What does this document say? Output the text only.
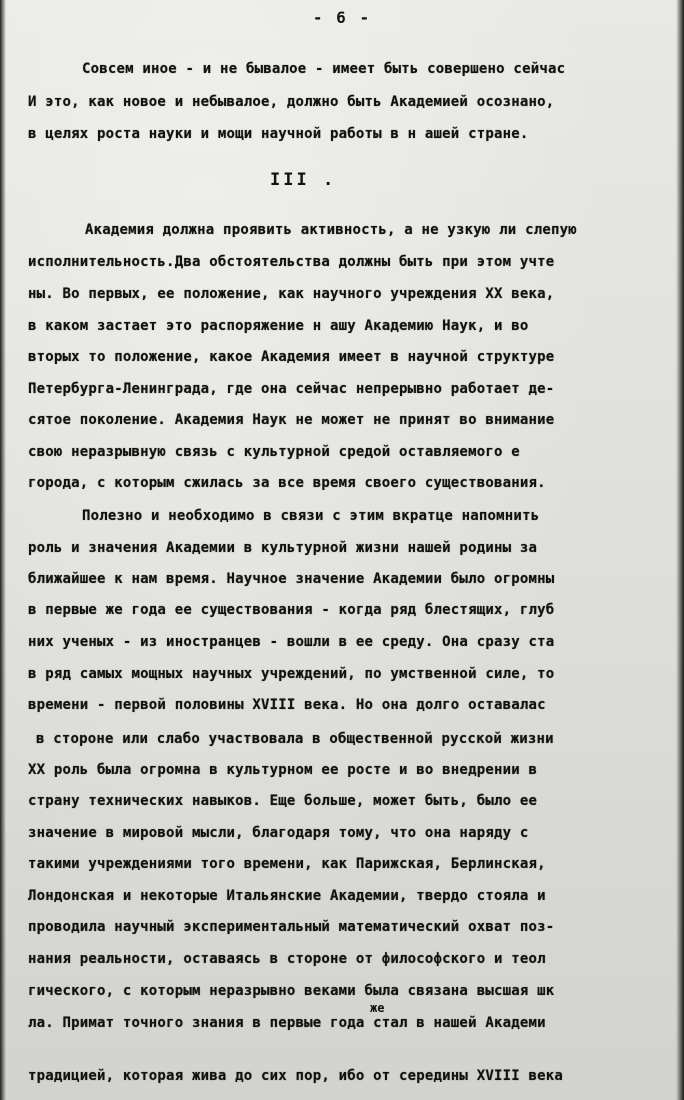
- 6 -
Совсем иное - и не бывалое - имеет быть совершено сейчас
И это, как новое и небывалое, должно быть Академией осознано,
в целях роста науки и мощи научной работы в н ашей стране.
III .
Академия должна проявить активность, а не узкую ли слепую
исполнительность.Два обстоятельства должны быть при этом учте
ны. Во первых, ее положение, как научного учреждения ХХ века,
в каком застает это распоряжение н ашу Академию Наук, и во
вторых то положение, какое Академия имеет в научной структуре
Петербурга-Ленинграда, где она сейчас непрерывно работает де-
сятое поколение. Академия Наук не может не принят во внимание
свою неразрывную связь с культурной средой оставляемого е
города, с которым сжилась за все время своего существования.
Полезно и необходимо в связи с этим вкратце напомнить
роль и значения Академии в культурной жизни нашей родины за
ближайшее к нам время. Научное значение Академии было огромны
в первые же года ее существования - когда ряд блестящих, глуб
них ученых - из иностранцев - вошли в ее среду. Она сразу ста
в ряд самых мощных научных учреждений, по умственной силе, то
времени - первой половины XVIII века. Но она долго оставалас
в стороне или слабо участвовала в общественной русской жизни
ХХ роль была огромна в культурном ее росте и во внедрении в
страну технических навыков. Еще больше, может быть, было ее
значение в мировой мысли, благодаря тому, что она наряду с
такими учреждениями того времени, как Парижская, Берлинская,
Лондонская и некоторые Итальянские Академии, твердо стояла и
проводила научный экспериментальный математический охват поз-
нания реальности, оставаясь в стороне от философского и теол
гического, с которым неразрывно веками была связана высшая шк
же
ла. Примат точного знания в первые года стал в нашей Академи
традицией, которая жива до сих пор, ибо от середины XVIII века
